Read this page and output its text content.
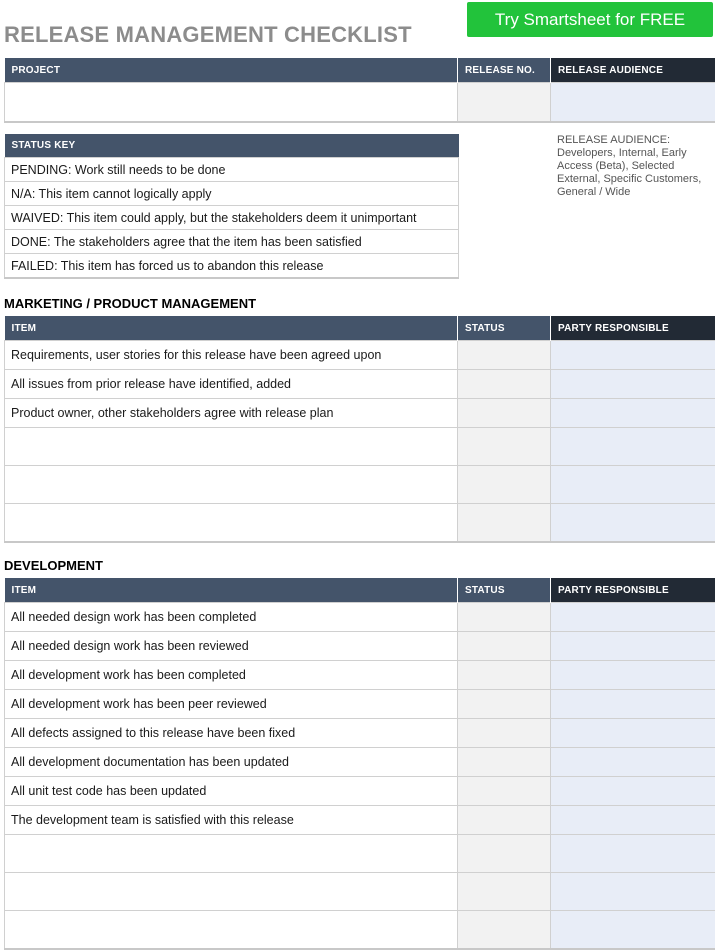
RELEASE MANAGEMENT CHECKLIST
Try Smartsheet for FREE
PROJECT	RELEASE NO.	RELEASE AUDIENCE

STATUS KEY
PENDING: Work still needs to be done
N/A: This item cannot logically apply
WAIVED: This item could apply, but the stakeholders deem it unimportant
DONE: The stakeholders agree that the item has been satisfied
FAILED: This item has forced us to abandon this release
RELEASE AUDIENCE: Developers, Internal, Early Access (Beta), Selected External, Specific Customers, General / Wide
MARKETING / PRODUCT MANAGEMENT
ITEM	STATUS	PARTY RESPONSIBLE
Requirements, user stories for this release have been agreed upon		
All issues from prior release have identified, added		
Product owner, other stakeholders agree with release plan		

DEVELOPMENT
ITEM	STATUS	PARTY RESPONSIBLE
All needed design work has been completed		
All needed design work has been reviewed		
All development work has been completed		
All development work has been peer reviewed		
All defects assigned to this release have been fixed		
All development documentation has been updated		
All unit test code has been updated		
The development team is satisfied with this release		
